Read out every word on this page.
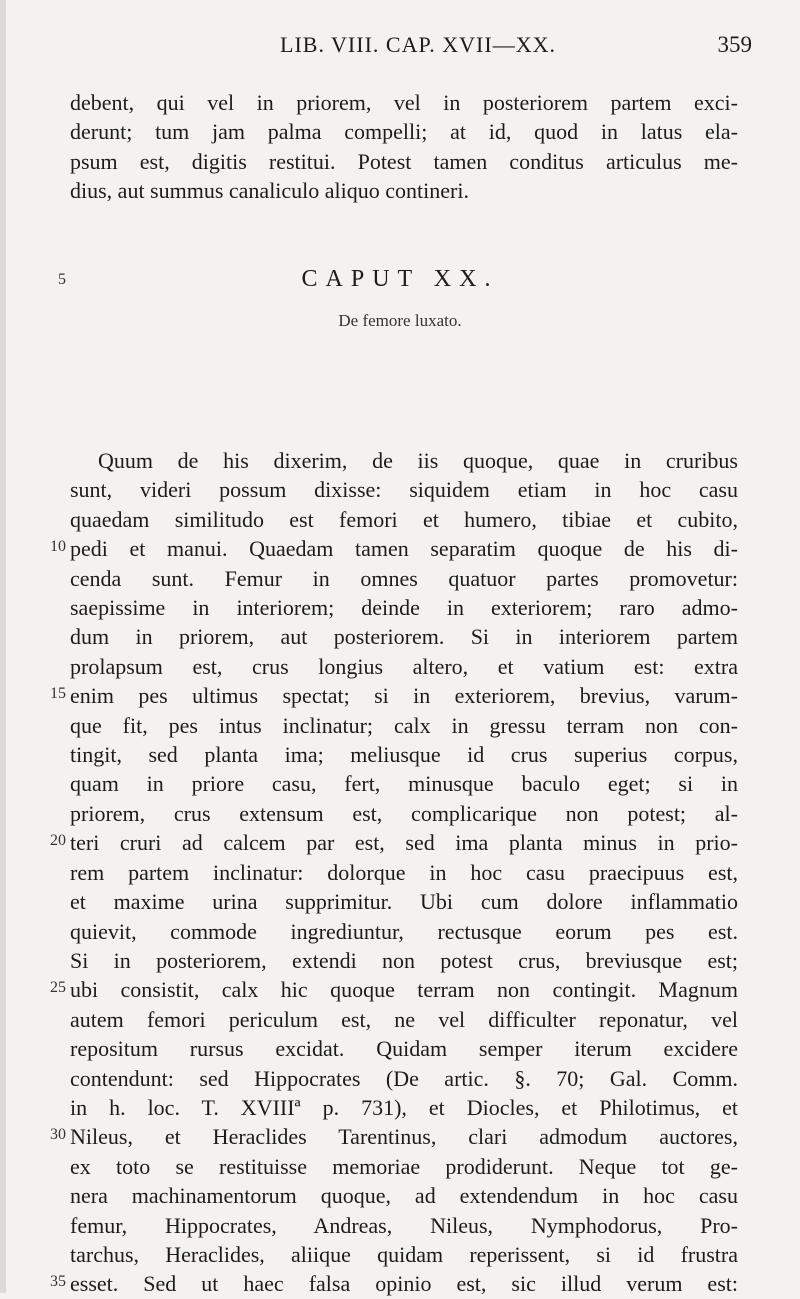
LIB. VIII. CAP. XVII—XX.	359
debent, qui vel in priorem, vel in posteriorem partem exci-
derunt; tum jam palma compelli; at id, quod in latus ela-
psum est, digitis restitui. Potest tamen conditus articulus me-
dius, aut summus canaliculo aliquo contineri.
5	CAPUT XX.
De femore luxato.
Quum de his dixerim, de iis quoque, quae in cruribus
sunt, videri possum dixisse: siquidem etiam in hoc casu
quaedam similitudo est femori et humero, tibiae et cubito,
pedi et manui. Quaedam tamen separatim quoque de his di-
cenda sunt. Femur in omnes quatuor partes promovetur:
saepissime in interiorem; deinde in exteriorem; raro admo-
dum in priorem, aut posteriorem. Si in interiorem partem
prolapsum est, crus longius altero, et vatium est: extra
enim pes ultimus spectat; si in exteriorem, brevius, varum-
que fit, pes intus inclinatur; calx in gressu terram non con-
tingit, sed planta ima; meliusque id crus superius corpus,
quam in priore casu, fert, minusque baculo eget; si in
priorem, crus extensum est, complicarique non potest; al-
teri cruri ad calcem par est, sed ima planta minus in prio-
rem partem inclinatur: dolorque in hoc casu praecipuus est,
et maxime urina supprimitur. Ubi cum dolore inflammatio
quievit, commode ingrediuntur, rectusque eorum pes est.
Si in posteriorem, extendi non potest crus, breviusque est;
ubi consistit, calx hic quoque terram non contingit. Magnum
autem femori periculum est, ne vel difficulter reponatur, vel
repositum rursus excidat. Quidam semper iterum excidere
contendunt: sed Hippocrates (De artic. §. 70; Gal. Comm.
in h. loc. T. XVIIIª p. 731), et Diocles, et Philotimus, et
Nileus, et Heraclides Tarentinus, clari admodum auctores,
ex toto se restituisse memoriae prodiderunt. Neque tot ge-
nera machinamentorum quoque, ad extendendum in hoc casu
femur, Hippocrates, Andreas, Nileus, Nymphodorus, Pro-
tarchus, Heraclides, aliique quidam reperissent, si id frustra
esset. Sed ut haec falsa opinio est, sic illud verum est:
10
15
20
25
30
35
